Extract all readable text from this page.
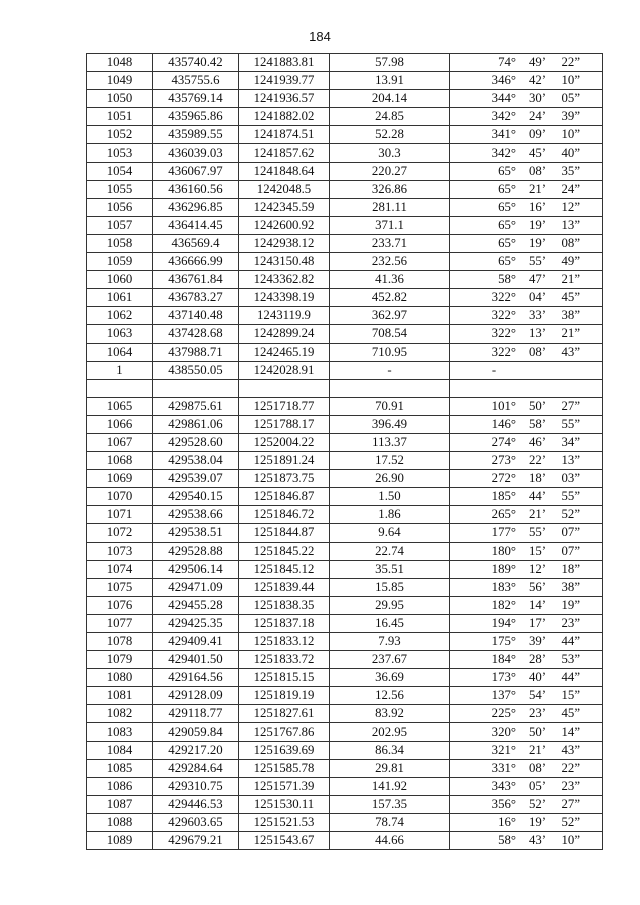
184
1048	435740.42	1241883.81	57.98	74° 49’ 22”
1049	435755.6	1241939.77	13.91	346° 42’ 10”
1050	435769.14	1241936.57	204.14	344° 30’ 05”
1051	435965.86	1241882.02	24.85	342° 24’ 39”
1052	435989.55	1241874.51	52.28	341° 09’ 10”
1053	436039.03	1241857.62	30.3	342° 45’ 40”
1054	436067.97	1241848.64	220.27	65° 08’ 35”
1055	436160.56	1242048.5	326.86	65° 21’ 24”
1056	436296.85	1242345.59	281.11	65° 16’ 12”
1057	436414.45	1242600.92	371.1	65° 19’ 13”
1058	436569.4	1242938.12	233.71	65° 19’ 08”
1059	436666.99	1243150.48	232.56	65° 55’ 49”
1060	436761.84	1243362.82	41.36	58° 47’ 21”
1061	436783.27	1243398.19	452.82	322° 04’ 45”
1062	437140.48	1243119.9	362.97	322° 33’ 38”
1063	437428.68	1242899.24	708.54	322° 13’ 21”
1064	437988.71	1242465.19	710.95	322° 08’ 43”
1	438550.05	1242028.91	-	-

1065	429875.61	1251718.77	70.91	101° 50’ 27”
1066	429861.06	1251788.17	396.49	146° 58’ 55”
1067	429528.60	1252004.22	113.37	274° 46’ 34”
1068	429538.04	1251891.24	17.52	273° 22’ 13”
1069	429539.07	1251873.75	26.90	272° 18’ 03”
1070	429540.15	1251846.87	1.50	185° 44’ 55”
1071	429538.66	1251846.72	1.86	265° 21’ 52”
1072	429538.51	1251844.87	9.64	177° 55’ 07”
1073	429528.88	1251845.22	22.74	180° 15’ 07”
1074	429506.14	1251845.12	35.51	189° 12’ 18”
1075	429471.09	1251839.44	15.85	183° 56’ 38”
1076	429455.28	1251838.35	29.95	182° 14’ 19”
1077	429425.35	1251837.18	16.45	194° 17’ 23”
1078	429409.41	1251833.12	7.93	175° 39’ 44”
1079	429401.50	1251833.72	237.67	184° 28’ 53”
1080	429164.56	1251815.15	36.69	173° 40’ 44”
1081	429128.09	1251819.19	12.56	137° 54’ 15”
1082	429118.77	1251827.61	83.92	225° 23’ 45”
1083	429059.84	1251767.86	202.95	320° 50’ 14”
1084	429217.20	1251639.69	86.34	321° 21’ 43”
1085	429284.64	1251585.78	29.81	331° 08’ 22”
1086	429310.75	1251571.39	141.92	343° 05’ 23”
1087	429446.53	1251530.11	157.35	356° 52’ 27”
1088	429603.65	1251521.53	78.74	16° 19’ 52”
1089	429679.21	1251543.67	44.66	58° 43’ 10”
